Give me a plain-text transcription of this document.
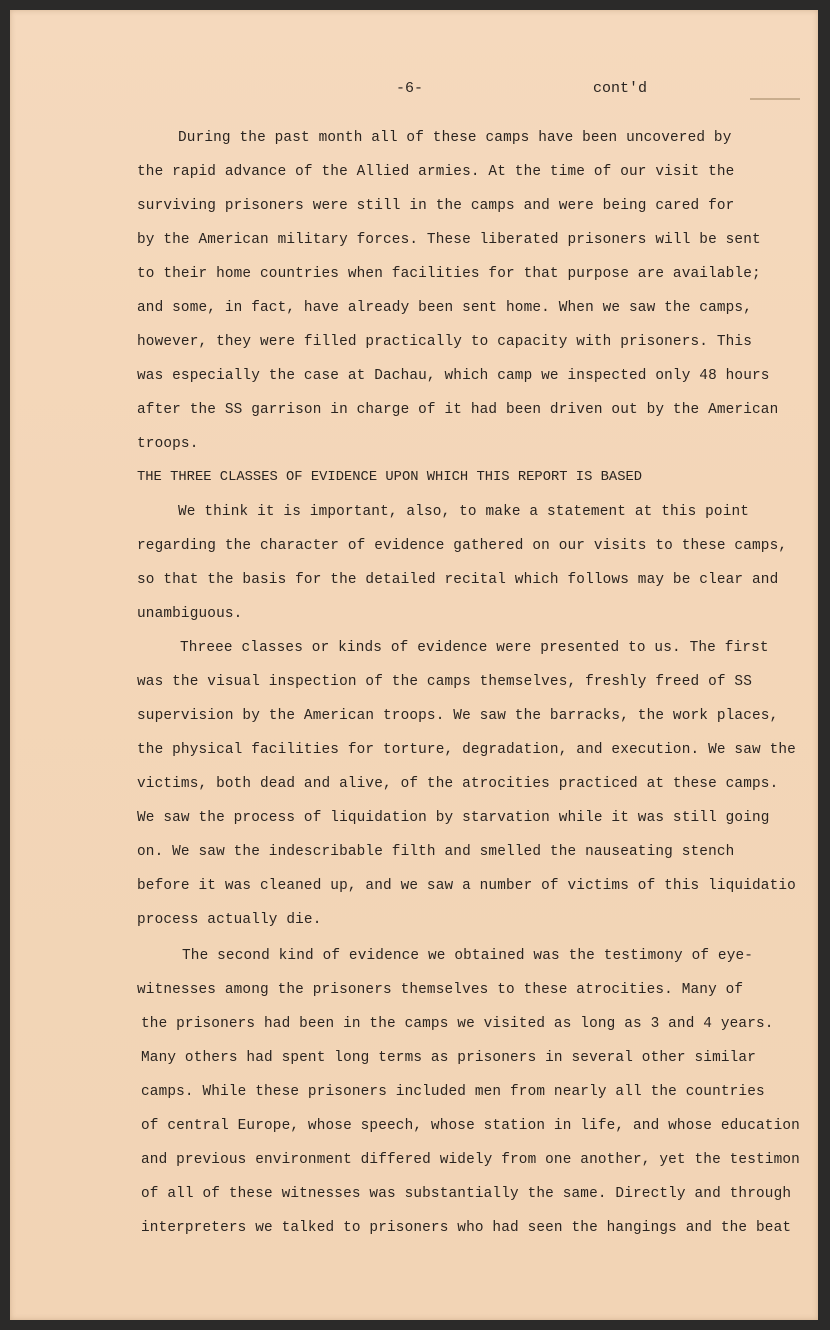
-6-	cont'd
During the past month all of these camps have been uncovered by
the rapid advance of the Allied armies. At the time of our visit the
surviving prisoners were still in the camps and were being cared for
by the American military forces. These liberated prisoners will be sent
to their home countries when facilities for that purpose are available;
and some, in fact, have already been sent home. When we saw the camps,
however, they were filled practically to capacity with prisoners. This
was especially the case at Dachau, which camp we inspected only 48 hours
after the SS garrison in charge of it had been driven out by the American
troops.
THE THREE CLASSES OF EVIDENCE UPON WHICH THIS REPORT IS BASED
We think it is important, also, to make a statement at this point
regarding the character of evidence gathered on our visits to these camps,
so that the basis for the detailed recital which follows may be clear and
unambiguous.
Threee classes or kinds of evidence were presented to us. The first
was the visual inspection of the camps themselves, freshly freed of SS
supervision by the American troops. We saw the barracks, the work places,
the physical facilities for torture, degradation, and execution. We saw the
victims, both dead and alive, of the atrocities practiced at these camps.
We saw the process of liquidation by starvation while it was still going
on. We saw the indescribable filth and smelled the nauseating stench
before it was cleaned up, and we saw a number of victims of this liquidatio
process actually die.
The second kind of evidence we obtained was the testimony of eye-
witnesses among the prisoners themselves to these atrocities. Many of
the prisoners had been in the camps we visited as long as 3 and 4 years.
Many others had spent long terms as prisoners in several other similar
camps. While these prisoners included men from nearly all the countries
of central Europe, whose speech, whose station in life, and whose education
and previous environment differed widely from one another, yet the testimon
of all of these witnesses was substantially the same. Directly and through
interpreters we talked to prisoners who had seen the hangings and the beat
